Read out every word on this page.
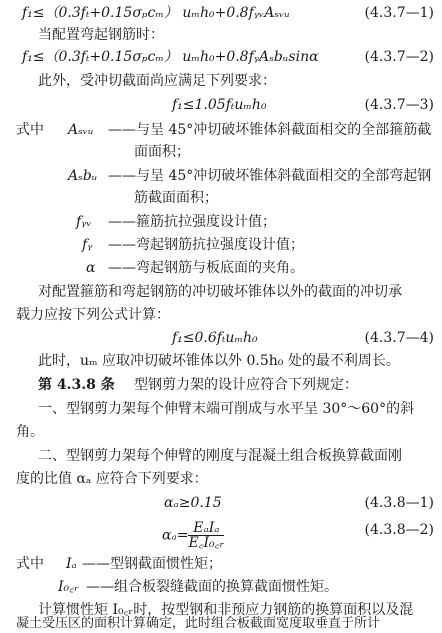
f₁≤（0.3fₜ+0.15σₚcₘ） uₘh₀+0.8fᵧᵥAₛᵥᵤ	(4.3.7—1)
当配置弯起钢筋时：
f₁≤（0.3fₜ+0.15σₚcₘ） uₘh₀+0.8fᵧAₛbᵤsinα	(4.3.7—2)
此外，受冲切截面尚应满足下列要求：
f₁≤1.05fₜuₘh₀	(4.3.7—3)
式中 Aₛᵥᵤ ——与呈 45°冲切破坏锥体斜截面相交的全部箍筋截
面面积；
Aₛbᵤ ——与呈 45°冲切破坏锥体斜截面相交的全部弯起钢
筋截面面积；
fᵧᵥ ——箍筋抗拉强度设计值；
fᵧ ——弯起钢筋抗拉强度设计值；
α ——弯起钢筋与板底面的夹角。
对配置箍筋和弯起钢筋的冲切破坏锥体以外的截面的冲切承
载力应按下列公式计算：
f₁≤0.6fₜuₘh₀	(4.3.7—4)
此时，uₘ 应取冲切破坏锥体以外 0.5h₀ 处的最不利周长。
第 4.3.8 条 型钢剪力架的设计应符合下列规定：
一、型钢剪力架每个伸臂末端可削成与水平呈 30°～60°的斜
角。
二、型钢剪力架每个伸臂的刚度与混凝土组合板换算截面刚
度的比值 αₐ 应符合下列要求：
αₐ≥0.15	(4.3.8—1)
$\alpha_a= \frac{\text{EₐIₐ}}{\text{E꜀I₀꜀ᵣ}}$	(4.3.8—2)
式中 Iₐ ——型钢截面惯性矩；
I₀꜀ᵣ ——组合板裂缝截面的换算截面惯性矩。
计算惯性矩 I₀꜀ᵣ时，按型钢和非预应力钢筋的换算面积以及混
凝土受压区的面积计算确定，此时组合板截面宽度取垂直于所计
